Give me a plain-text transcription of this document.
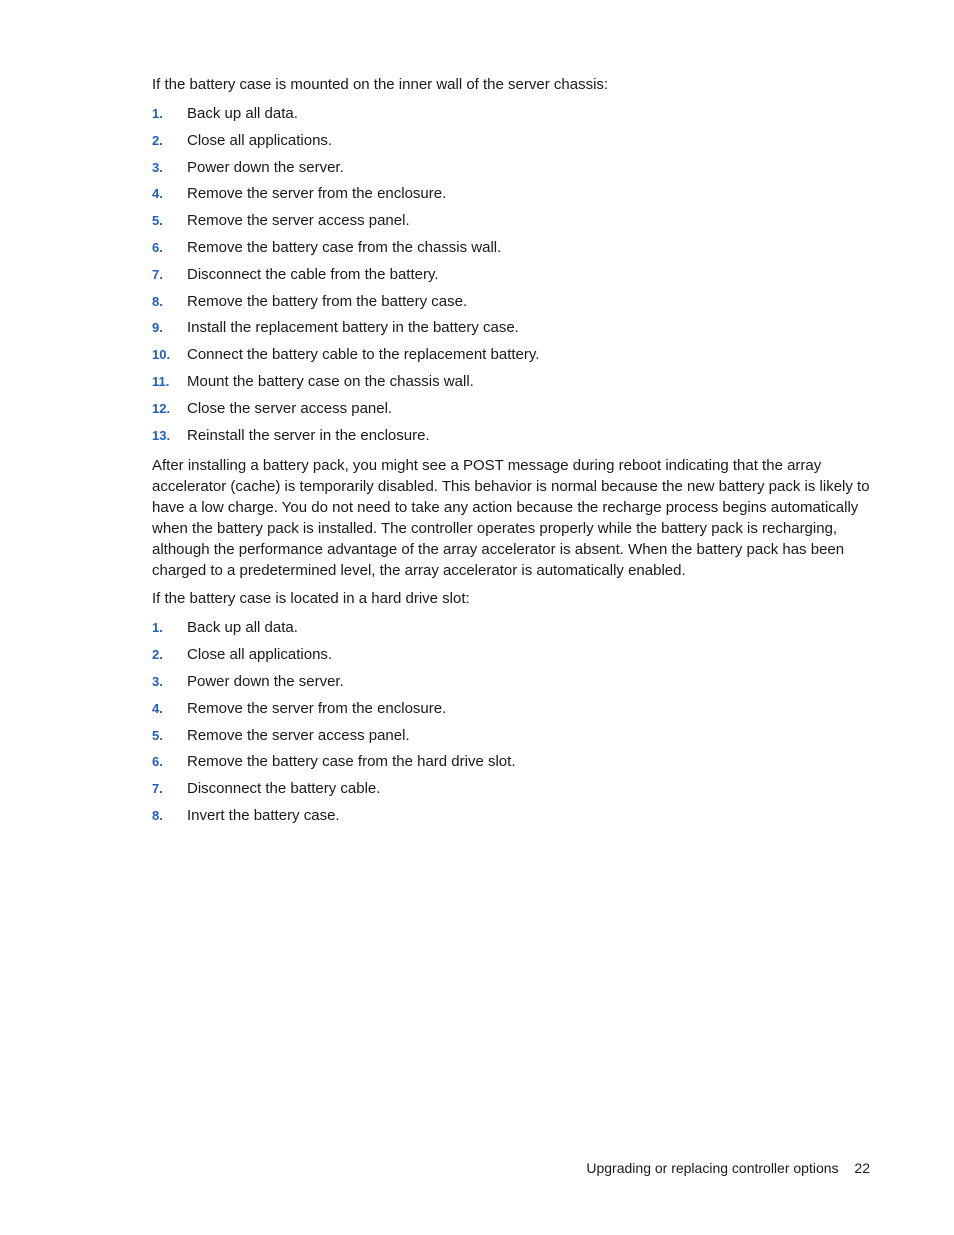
If the battery case is mounted on the inner wall of the server chassis:

1.	Back up all data.
2.	Close all applications.
3.	Power down the server.
4.	Remove the server from the enclosure.
5.	Remove the server access panel.
6.	Remove the battery case from the chassis wall.
7.	Disconnect the cable from the battery.
8.	Remove the battery from the battery case.
9.	Install the replacement battery in the battery case.
10.	Connect the battery cable to the replacement battery.
11.	Mount the battery case on the chassis wall.
12.	Close the server access panel.
13.	Reinstall the server in the enclosure.

After installing a battery pack, you might see a POST message during reboot indicating that the array accelerator (cache) is temporarily disabled. This behavior is normal because the new battery pack is likely to have a low charge. You do not need to take any action because the recharge process begins automatically when the battery pack is installed. The controller operates properly while the battery pack is recharging, although the performance advantage of the array accelerator is absent. When the battery pack has been charged to a predetermined level, the array accelerator is automatically enabled.

If the battery case is located in a hard drive slot:

1.	Back up all data.
2.	Close all applications.
3.	Power down the server.
4.	Remove the server from the enclosure.
5.	Remove the server access panel.
6.	Remove the battery case from the hard drive slot.
7.	Disconnect the battery cable.
8.	Invert the battery case.
Upgrading or replacing controller options 22
